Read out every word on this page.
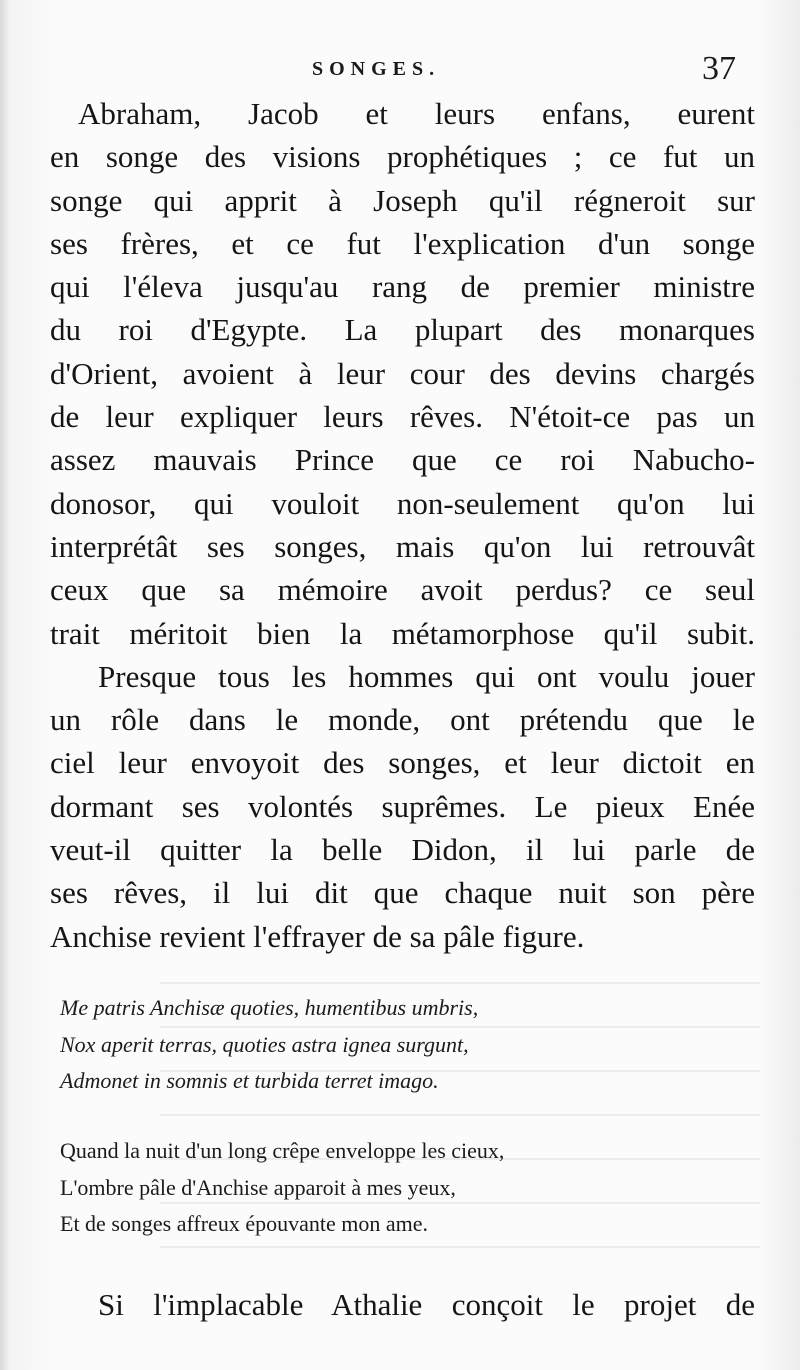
SONGES.	37
Abraham, Jacob et leurs enfans, eurent
en songe des visions prophétiques ; ce fut un
songe qui apprit à Joseph qu'il régneroit sur
ses frères, et ce fut l'explication d'un songe
qui l'éleva jusqu'au rang de premier ministre
du roi d'Egypte. La plupart des monarques
d'Orient, avoient à leur cour des devins chargés
de leur expliquer leurs rêves. N'étoit-ce pas un
assez mauvais Prince que ce roi Nabucho-
donosor, qui vouloit non-seulement qu'on lui
interprétât ses songes, mais qu'on lui retrouvât
ceux que sa mémoire avoit perdus? ce seul
trait méritoit bien la métamorphose qu'il subit.
Presque tous les hommes qui ont voulu jouer
un rôle dans le monde, ont prétendu que le
ciel leur envoyoit des songes, et leur dictoit en
dormant ses volontés suprêmes. Le pieux Enée
veut-il quitter la belle Didon, il lui parle de
ses rêves, il lui dit que chaque nuit son père
Anchise revient l'effrayer de sa pâle figure.
Me patris Anchisæ quoties, humentibus umbris,
Nox aperit terras, quoties astra ignea surgunt,
Admonet in somnis et turbida terret imago.
Quand la nuit d'un long crêpe enveloppe les cieux,
L'ombre pâle d'Anchise apparoit à mes yeux,
Et de songes affreux épouvante mon ame.
Si l'implacable Athalie conçoit le projet de
